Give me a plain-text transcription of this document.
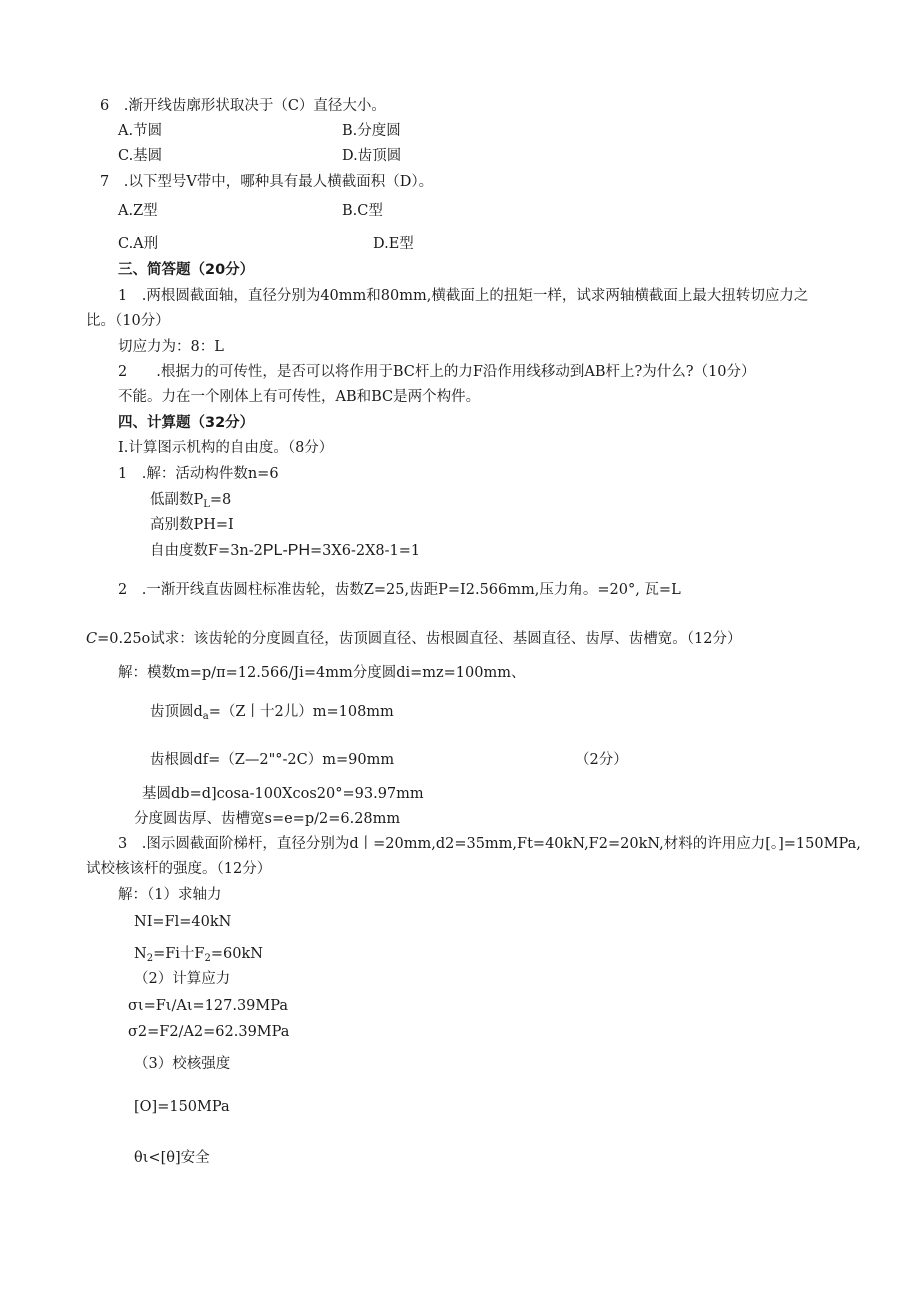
6　.渐开线齿廓形状取决于（C）直径大小。
A.节圆	B.分度圆
C.基圆	D.齿顶圆
7　.以下型号V带中，哪种具有最人横截面积（D）。
A.Z型	B.C型
C.A刑	D.E型
三、简答题（20分）
1　.两根圆截面轴，直径分别为40mm和80mm,横截面上的扭矩一样，试求两轴横截面上最大扭转切应力之
比。（10分）
切应力为：8：L
2　　.根据力的可传性，是否可以将作用于BC杆上的力F沿作用线移动到AB杆上?为什么?（10分）
不能。力在一个刚体上有可传性，AB和BC是两个构件。
四、计算题（32分）
I.计算图示机构的自由度。（8分）
1　.解：活动构件数n=6
低副数$P_L=8$
高别数PH=I
自由度数F=3n-2PL-PH=3X6-2X8-1=1
2　.一渐开线直齿圆柱标准齿轮，齿数Z=25,齿距P=I2.566mm,压力角。=20°, 瓦=L
C=0.25o试求：该齿轮的分度圆直径，齿顶圆直径、齿根圆直径、基圆直径、齿厚、齿槽宽。（12分）
解：模数m=p∕π=12.566/Ji=4mm分度圆di=mz=100mm、
齿顶圆$d_a=(Z$丨十2儿）m=108mm
齿根圆df=（Z—2"°-2C）m=90mm	（2分）
基圆db=d]cosa-100Xcos20°=93.97mm
分度圆齿厚、齿槽宽s=e=p∕2=6.28mm
3　.图示圆截面阶梯杆，直径分别为d丨=20mm,d2=35mm,Ft=40kN,F2=20kN,材料的许用应力[。]=150MPa,
试校核该杆的强度。（12分）
解：（1）求轴力
NI=Fl=40kN
$N_2=Fi$十$F_2=60kN$
（2）计算应力
σι=Fι∕Aι=127.39MPa
σ2=F2∕A2=62.39MPa
（3）校核强度
[O]=150MPa
θι<[θ]安全
